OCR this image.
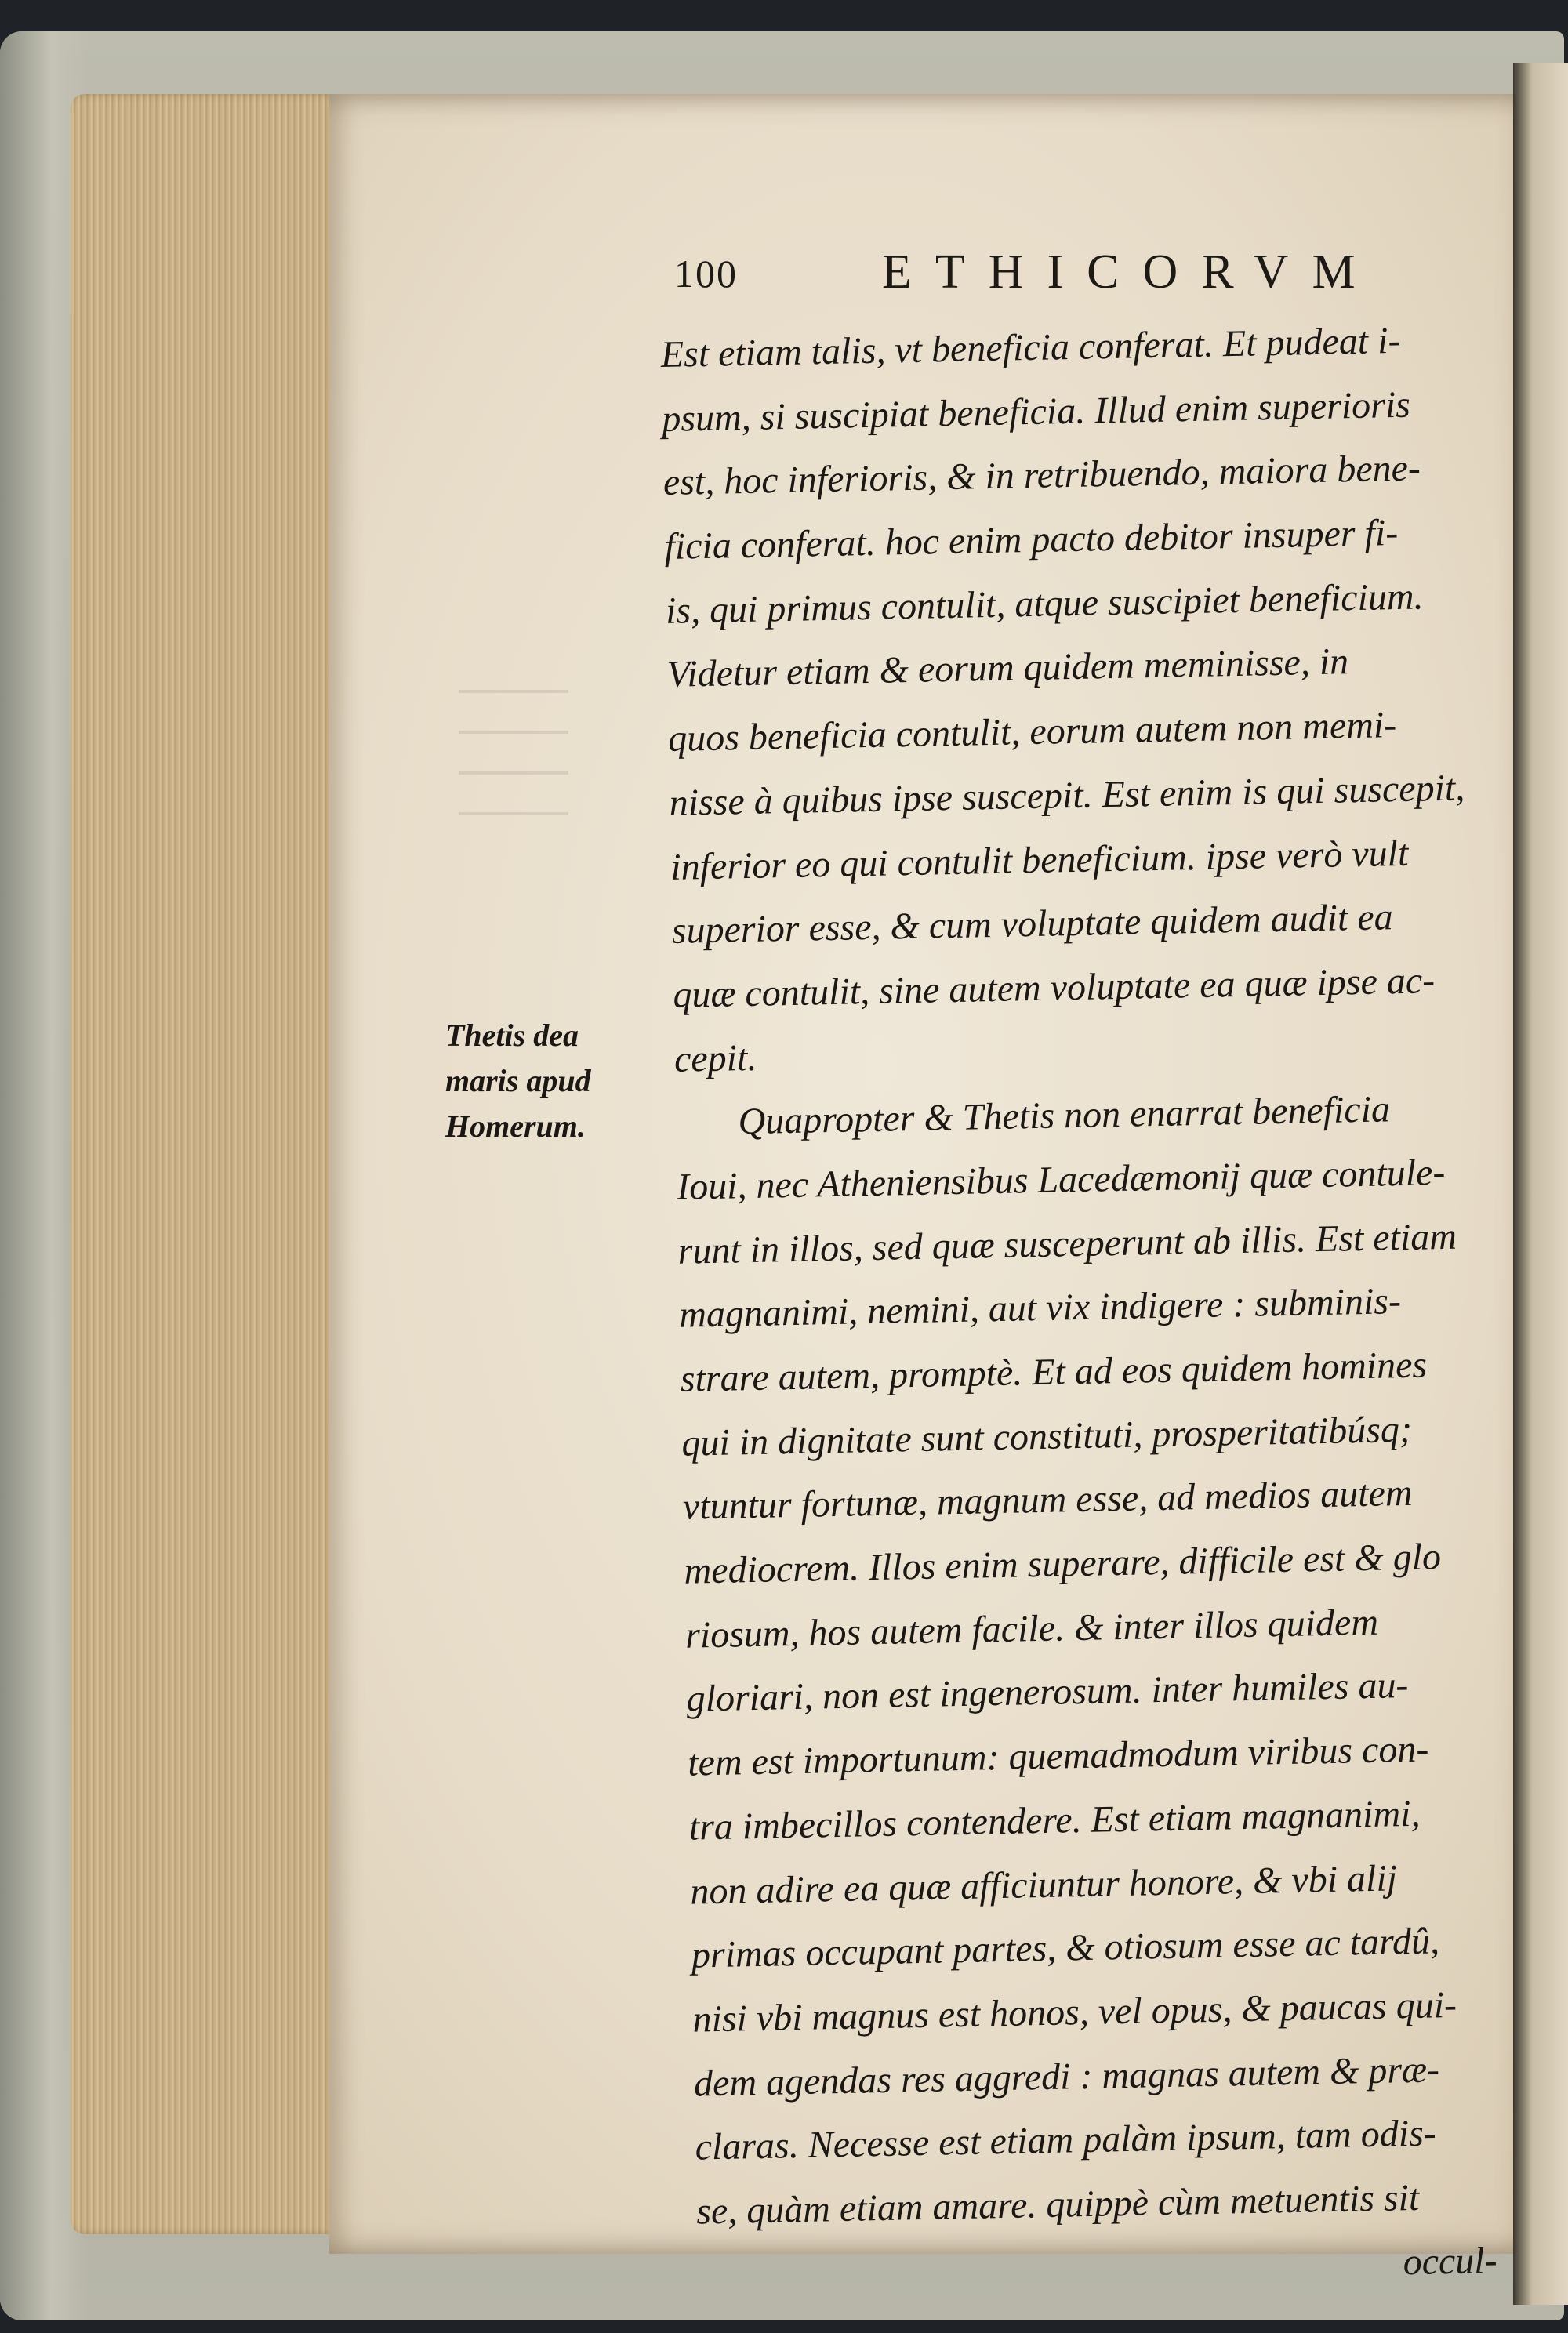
100	ETHICORVM
Thetis dea
maris apud
Homerum.
Est etiam talis, vt beneficia conferat. Et pudeat i-
psum, si suscipiat beneficia. Illud enim superioris
est, hoc inferioris, & in retribuendo, maiora bene-
ficia conferat. hoc enim pacto debitor insuper fi-
is, qui primus contulit, atque suscipiet beneficium.
Videtur etiam & eorum quidem meminisse, in
quos beneficia contulit, eorum autem non memi-
nisse à quibus ipse suscepit. Est enim is qui suscepit,
inferior eo qui contulit beneficium. ipse verò vult
superior esse, & cum voluptate quidem audit ea
quæ contulit, sine autem voluptate ea quæ ipse ac-
cepit.
Quapropter & Thetis non enarrat beneficia
Ioui, nec Atheniensibus Lacedæmonij quæ contule-
runt in illos, sed quæ susceperunt ab illis. Est etiam
magnanimi, nemini, aut vix indigere : subminis-
strare autem, promptè. Et ad eos quidem homines
qui in dignitate sunt constituti, prosperitatibúsq;
vtuntur fortunæ, magnum esse, ad medios autem
mediocrem. Illos enim superare, difficile est & glo
riosum, hos autem facile. & inter illos quidem
gloriari, non est ingenerosum. inter humiles au-
tem est importunum: quemadmodum viribus con-
tra imbecillos contendere. Est etiam magnanimi,
non adire ea quæ afficiuntur honore, & vbi alij
primas occupant partes, & otiosum esse ac tardû,
nisi vbi magnus est honos, vel opus, & paucas qui-
dem agendas res aggredi : magnas autem & præ-
claras. Necesse est etiam palàm ipsum, tam odis-
se, quàm etiam amare. quippè cùm metuentis sit
occul-
